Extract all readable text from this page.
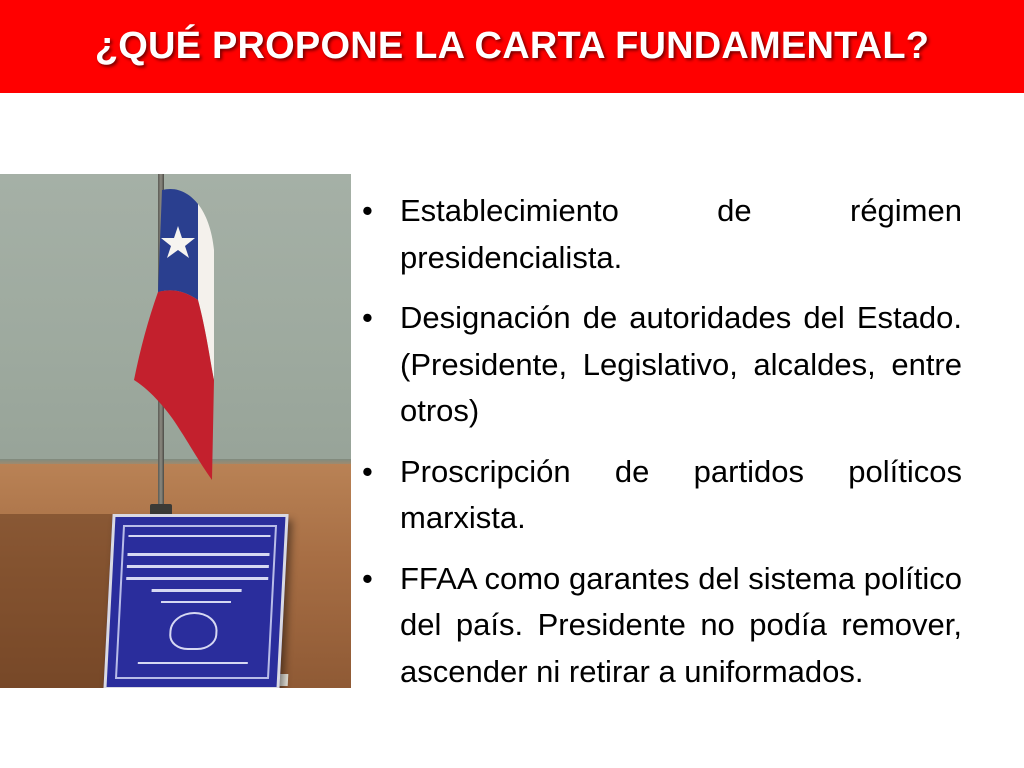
¿QUÉ PROPONE LA CARTA FUNDAMENTAL?
• Establecimiento de régimen presidencialista.
• Designación de autoridades del Estado. (Presidente, Legislativo, alcaldes, entre otros)
• Proscripción de partidos políticos marxista.
• FFAA como garantes del sistema político del país. Presidente no podía remover, ascender ni retirar a uniformados.
